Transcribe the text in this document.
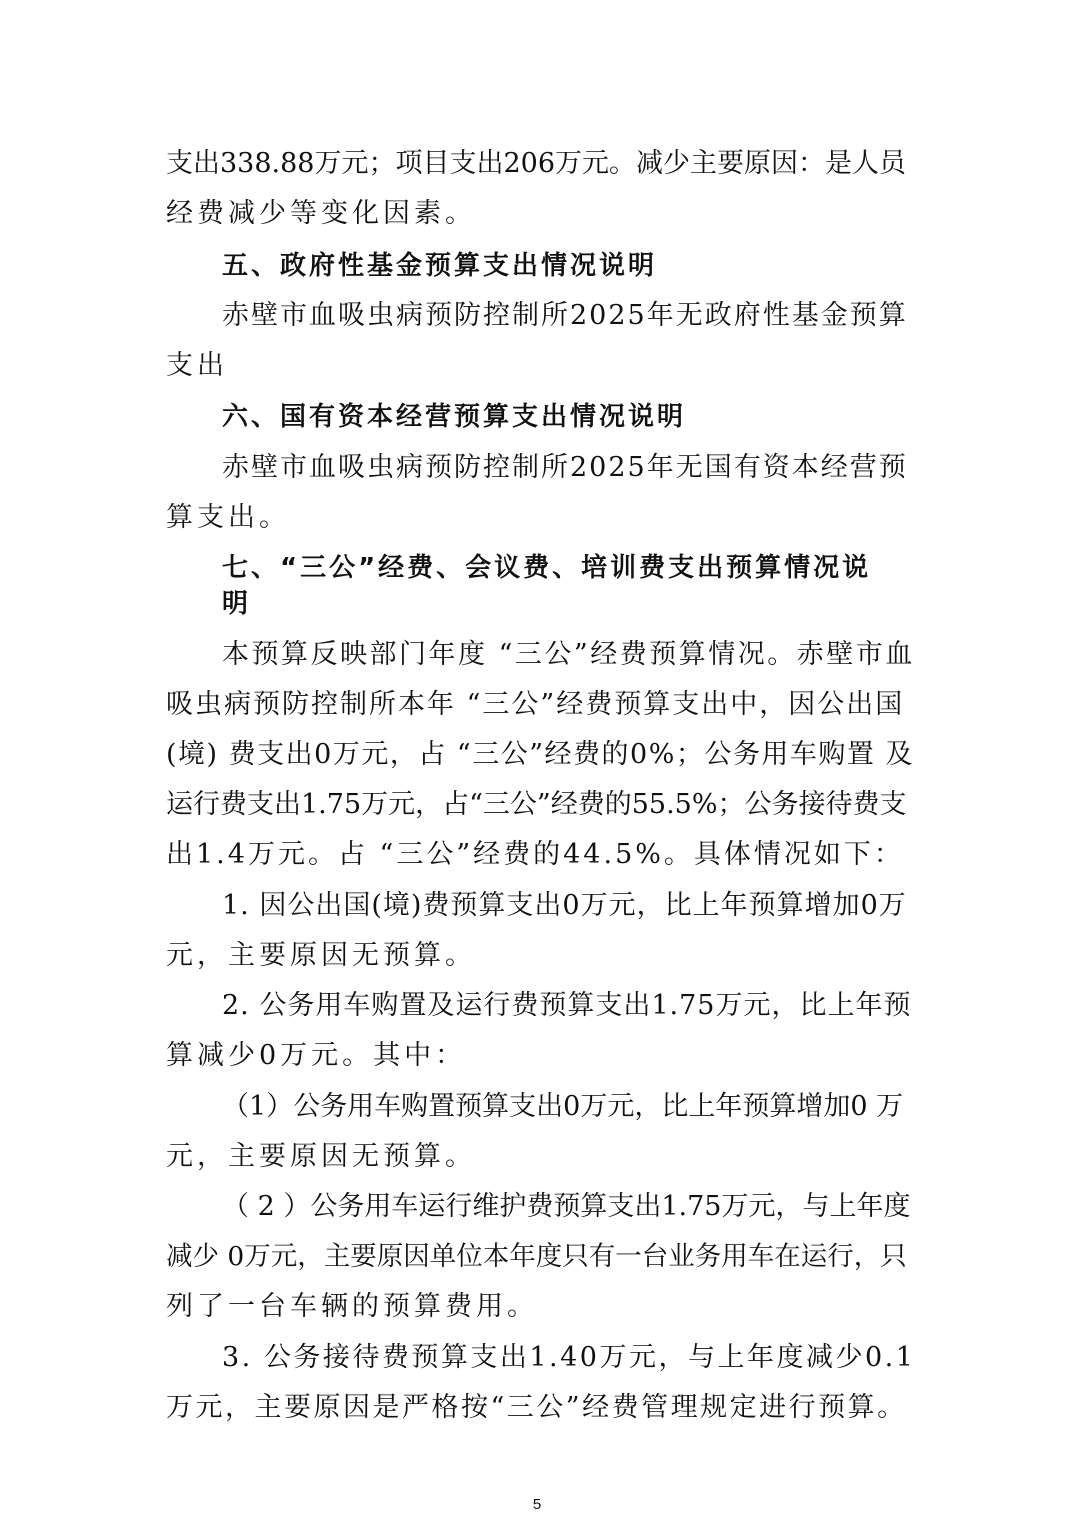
支出338.88万元；项目支出206万元。减少主要原因：是人员
经费减少等变化因素。
五、政府性基金预算支出情况说明
赤壁市血吸虫病预防控制所2025年无政府性基金预算
支出
六、国有资本经营预算支出情况说明
赤壁市血吸虫病预防控制所2025年无国有资本经营预
算支出。
七、“三公”经费、会议费、培训费支出预算情况说
明
本预算反映部门年度 “三公”经费预算情况。赤壁市血
吸虫病预防控制所本年 “三公”经费预算支出中，因公出国
(境) 费支出0万元，占 “三公”经费的0%；公务用车购置 及
运行费支出1.75万元，占“三公”经费的55.5%；公务接待费支
出1.4万元。占 “三公”经费的44.5%。具体情况如下：
1. 因公出国(境)费预算支出0万元，比上年预算增加0万
元，主要原因无预算。
2. 公务用车购置及运行费预算支出1.75万元，比上年预
算减少0万元。其中：
（1）公务用车购置预算支出0万元，比上年预算增加0 万
元，主要原因无预算。
（ 2 ）公务用车运行维护费预算支出1.75万元，与上年度
减少 0万元，主要原因单位本年度只有一台业务用车在运行，只
列了一台车辆的预算费用。
3. 公务接待费预算支出1.40万元，与上年度减少0.1
万元，主要原因是严格按“三公”经费管理规定进行预算。
5
